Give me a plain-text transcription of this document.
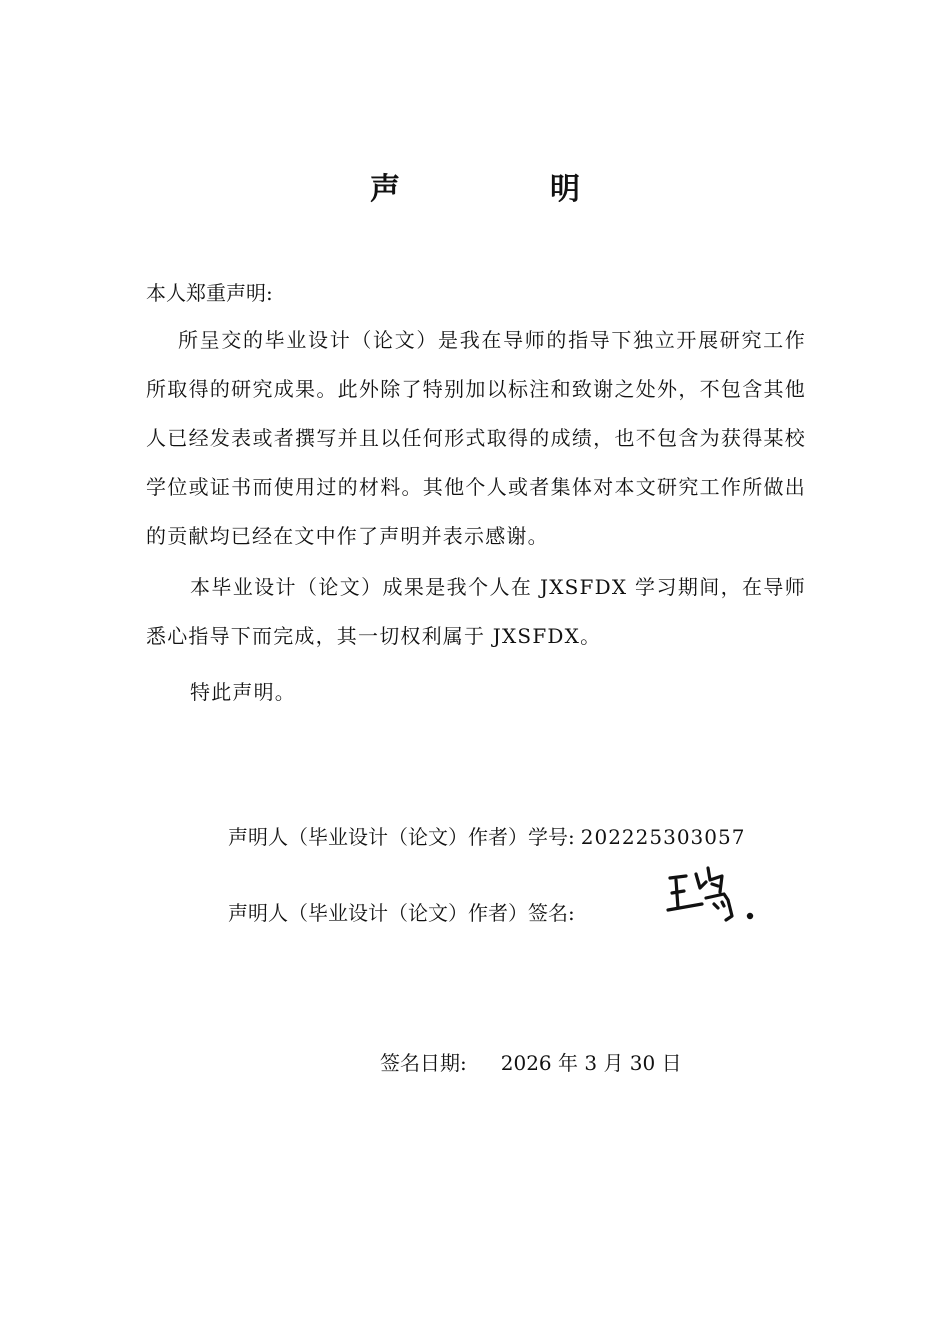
声　明
本人郑重声明:
所呈交的毕业设计（论文）是我在导师的指导下独立开展研究工作所取得的研究成果。此外除了特别加以标注和致谢之处外，不包含其他人已经发表或者撰写并且以任何形式取得的成绩，也不包含为获得某校学位或证书而使用过的材料。其他个人或者集体对本文研究工作所做出的贡献均已经在文中作了声明并表示感谢。
本毕业设计（论文）成果是我个人在 JXSFDX 学习期间，在导师悉心指导下而完成，其一切权利属于 JXSFDX。
特此声明。
声明人（毕业设计（论文）作者）学号: 202225303057
声明人（毕业设计（论文）作者）签名:
签名日期: 2026 年 3 月 30 日
